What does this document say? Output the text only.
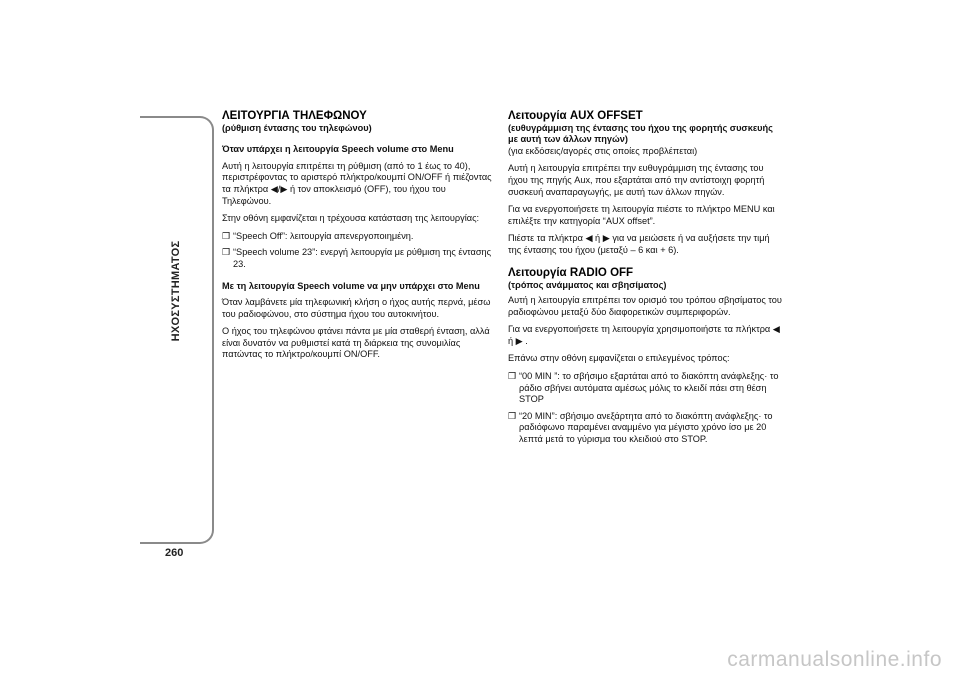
ΗΧΟΣΥΣΤΗΜΑΤΟΣ
260
ΛΕΙΤΟΥΡΓΙΑ ΤΗΛΕΦΩΝΟΥ
(ρύθμιση έντασης του τηλεφώνου)
Όταν υπάρχει η λειτουργία Speech volume στο Menu

Αυτή η λειτουργία επιτρέπει τη ρύθμιση (από το 1 έως το 40), περιστρέφοντας το αριστερό πλήκτρο/κουμπί ON/OFF ή πιέζοντας τα πλήκτρα ◀/▶ ή τον αποκλεισμό (OFF), του ήχου του Τηλεφώνου.

Στην οθόνη εμφανίζεται η τρέχουσα κατάσταση της λειτουργίας:

❒ “Speech Off”: λειτουργία απενεργοποιημένη.
❒ “Speech volume 23”: ενεργή λειτουργία με ρύθμιση της έντασης 23.
Με τη λειτουργία Speech volume να μην υπάρχει στο Menu

Όταν λαμβάνετε μία τηλεφωνική κλήση ο ήχος αυτής περνά, μέσω του ραδιοφώνου, στο σύστημα ήχου του αυτοκινήτου.

Ο ήχος του τηλεφώνου φτάνει πάντα με μία σταθερή ένταση, αλλά είναι δυνατόν να ρυθμιστεί κατά τη διάρκεια της συνομιλίας πατώντας το πλήκτρο/κουμπί ON/OFF.

Λειτουργία AUX OFFSET
(ευθυγράμμιση της έντασης του ήχου της φορητής συσκευής με αυτή των άλλων πηγών)
(για εκδόσεις/αγορές στις οποίες προβλέπεται)

Αυτή η λειτουργία επιτρέπει την ευθυγράμμιση της έντασης του ήχου της πηγής Aux, που εξαρτάται από την αντίστοιχη φορητή συσκευή αναπαραγωγής, με αυτή των άλλων πηγών.

Για να ενεργοποιήσετε τη λειτουργία πιέστε το πλήκτρο MENU και επιλέξτε την κατηγορία “AUX offset”.

Πιέστε τα πλήκτρα ◀ ή ▶ για να μειώσετε ή να αυξήσετε την τιμή της έντασης του ήχου (μεταξύ – 6 και + 6).

Λειτουργία RADIO OFF
(τρόπος ανάμματος και σβησίματος)

Αυτή η λειτουργία επιτρέπει τον ορισμό του τρόπου σβησίματος του ραδιοφώνου μεταξύ δύο διαφορετικών συμπεριφορών.

Για να ενεργοποιήσετε τη λειτουργία χρησιμοποιήστε τα πλήκτρα ◀ ή ▶ .

Επάνω στην οθόνη εμφανίζεται ο επιλεγμένος τρόπος:

❒ “00 MIN ”: το σβήσιμο εξαρτάται από το διακόπτη ανάφλεξης· το ράδιο σβήνει αυτόματα αμέσως μόλις το κλειδί πάει στη θέση STOP
❒ “20 MIN”: σβήσιμο ανεξάρτητα από το διακόπτη ανάφλεξης· το ραδιόφωνο παραμένει αναμμένο για μέγιστο χρόνο ίσο με 20 λεπτά μετά το γύρισμα του κλειδιού στο STOP.
carmanualsonline.info
